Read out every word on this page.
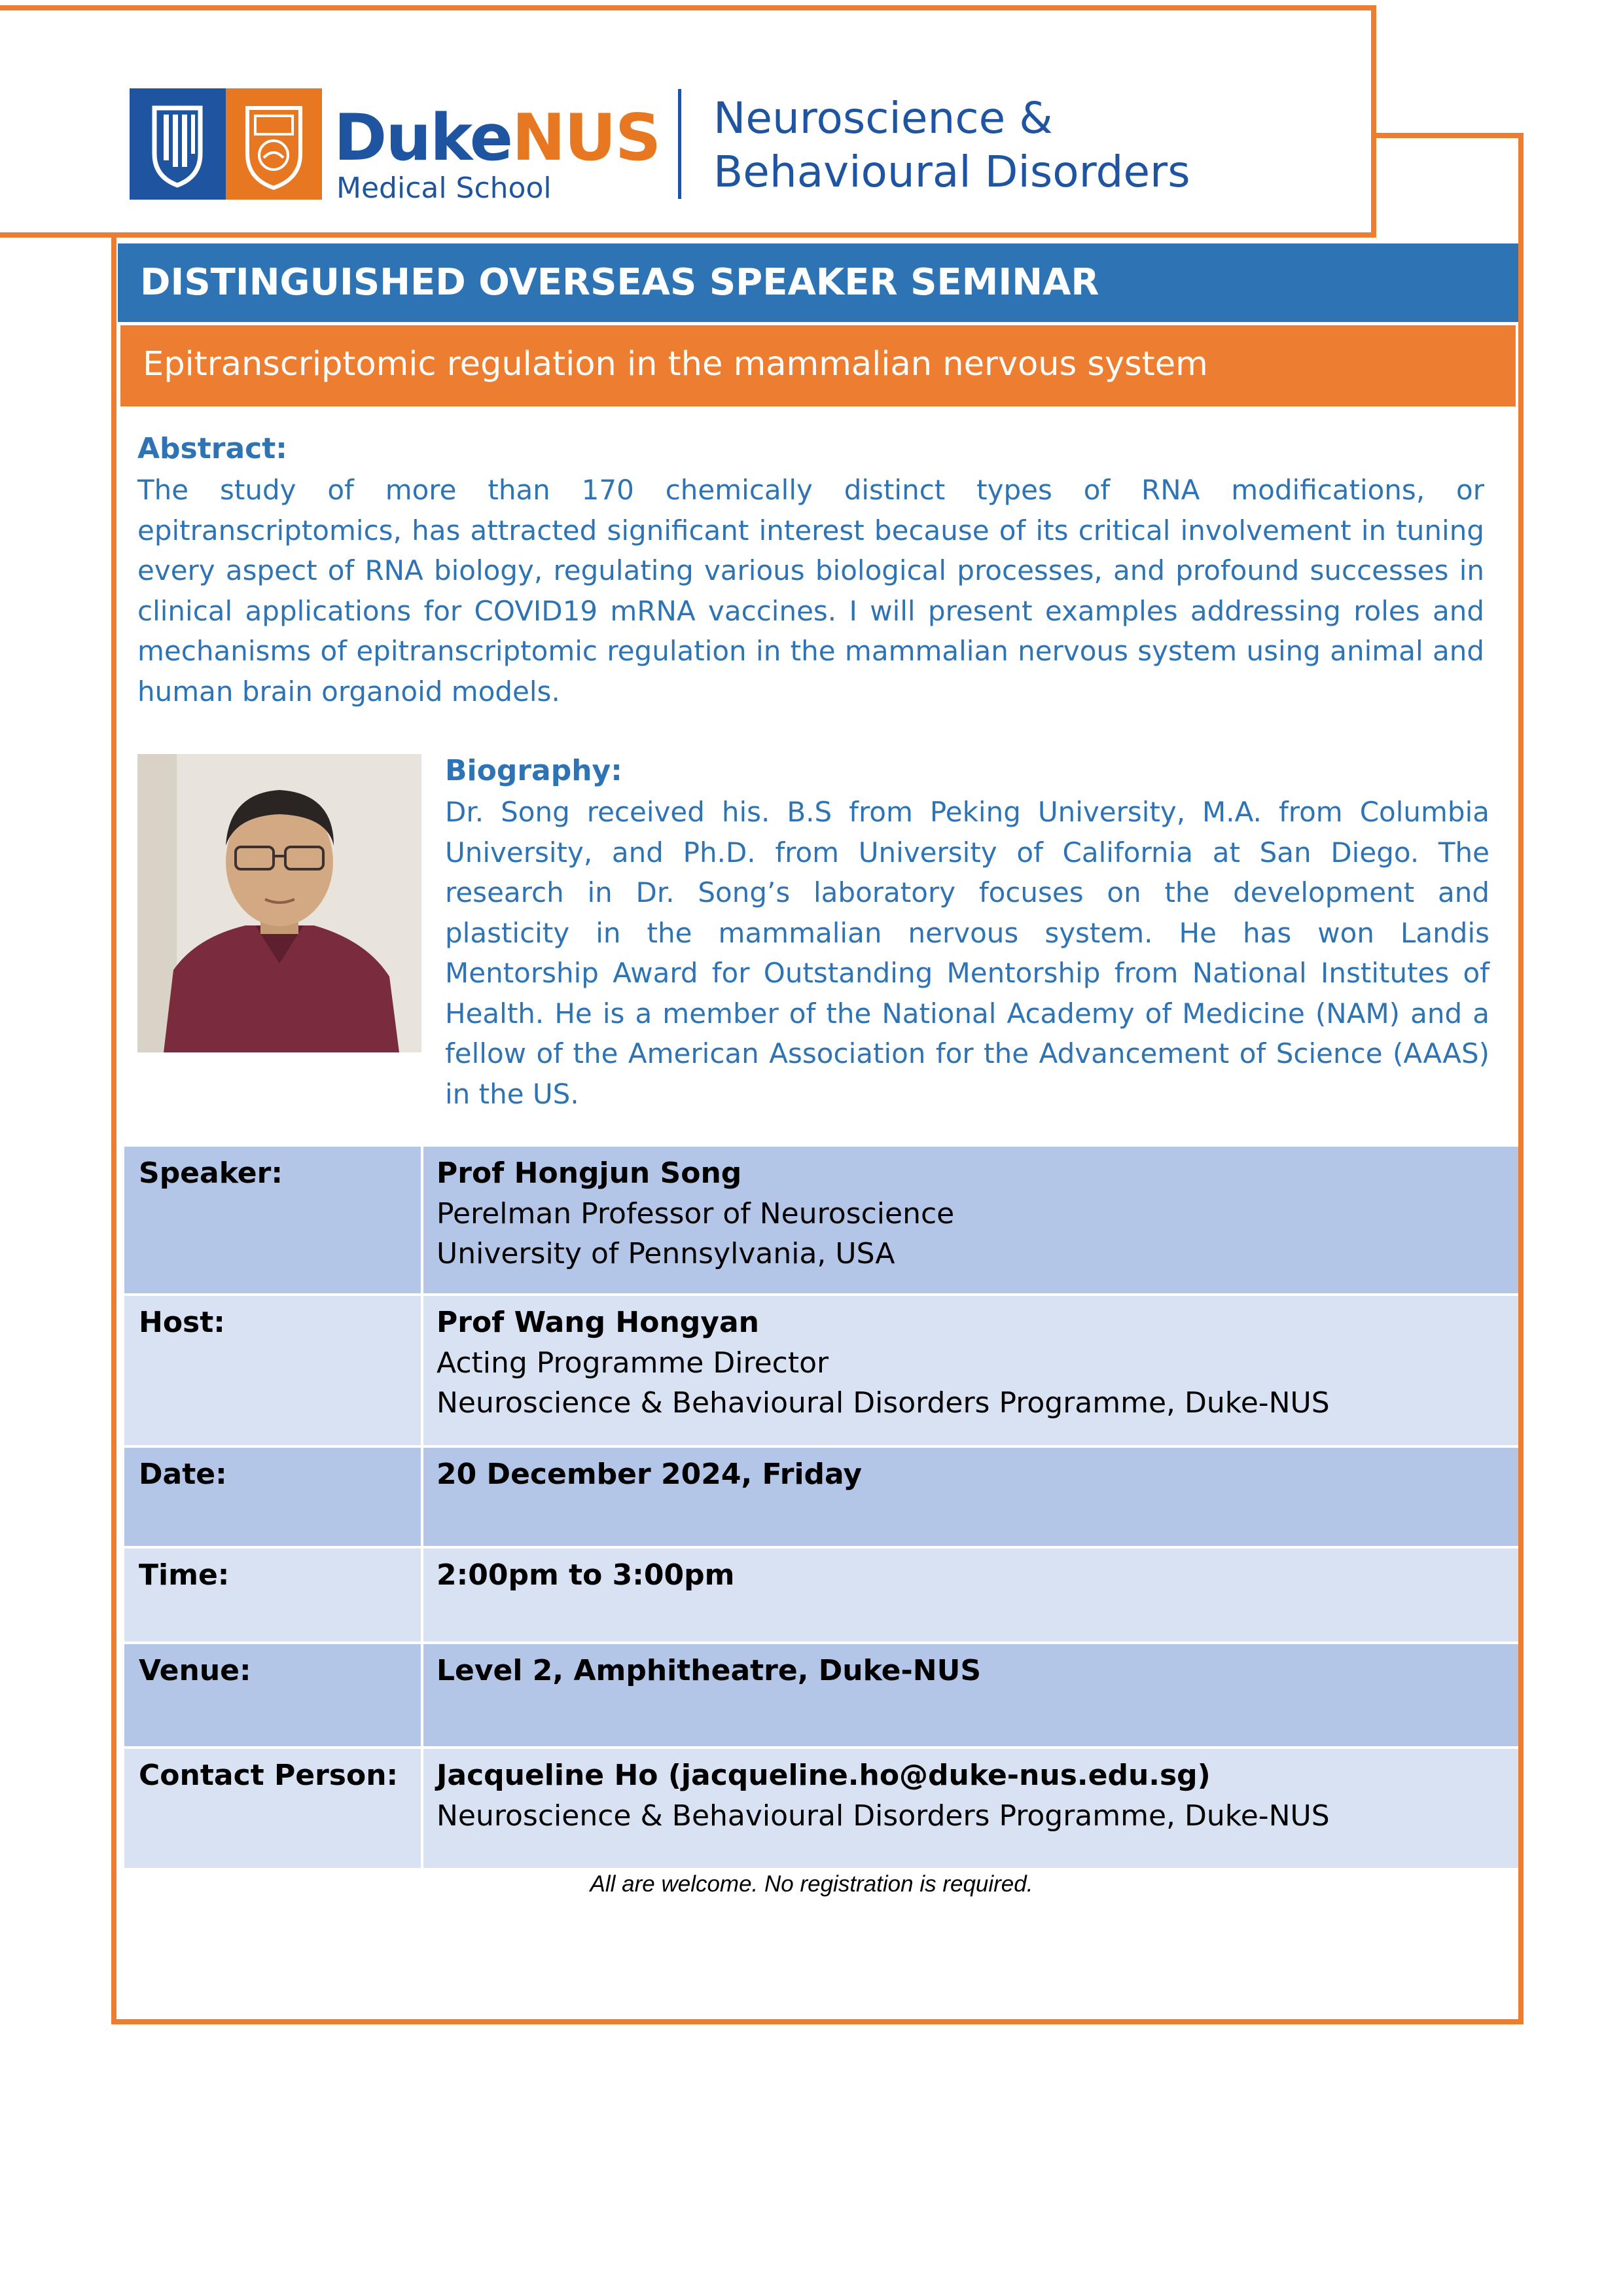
DukeNUS
Medical School
Neuroscience &
Behavioural Disorders
DISTINGUISHED OVERSEAS SPEAKER SEMINAR
Epitranscriptomic regulation in the mammalian nervous system
Abstract:
The study of more than 170 chemically distinct types of RNA modifications, or epitranscriptomics, has attracted significant interest because of its critical involvement in tuning every aspect of RNA biology, regulating various biological processes, and profound successes in clinical applications for COVID19 mRNA vaccines. I will present examples addressing roles and mechanisms of epitranscriptomic regulation in the mammalian nervous system using animal and human brain organoid models.
Biography:
Dr. Song received his. B.S from Peking University, M.A. from Columbia University, and Ph.D. from University of California at San Diego. The research in Dr. Song’s laboratory focuses on the development and plasticity in the mammalian nervous system. He has won Landis Mentorship Award for Outstanding Mentorship from National Institutes of Health. He is a member of the National Academy of Medicine (NAM) and a fellow of the American Association for the Advancement of Science (AAAS) in the US.
Speaker:	Prof Hongjun Song
Perelman Professor of Neuroscience
University of Pennsylvania, USA

Host:	Prof Wang Hongyan
Acting Programme Director
Neuroscience & Behavioural Disorders Programme, Duke-NUS

Date:	20 December 2024, Friday
Time:	2:00pm to 3:00pm
Venue:	Level 2, Amphitheatre, Duke-NUS
Contact Person:	Jacqueline Ho (jacqueline.ho@duke-nus.edu.sg)
Neuroscience & Behavioural Disorders Programme, Duke-NUS
All are welcome. No registration is required.
